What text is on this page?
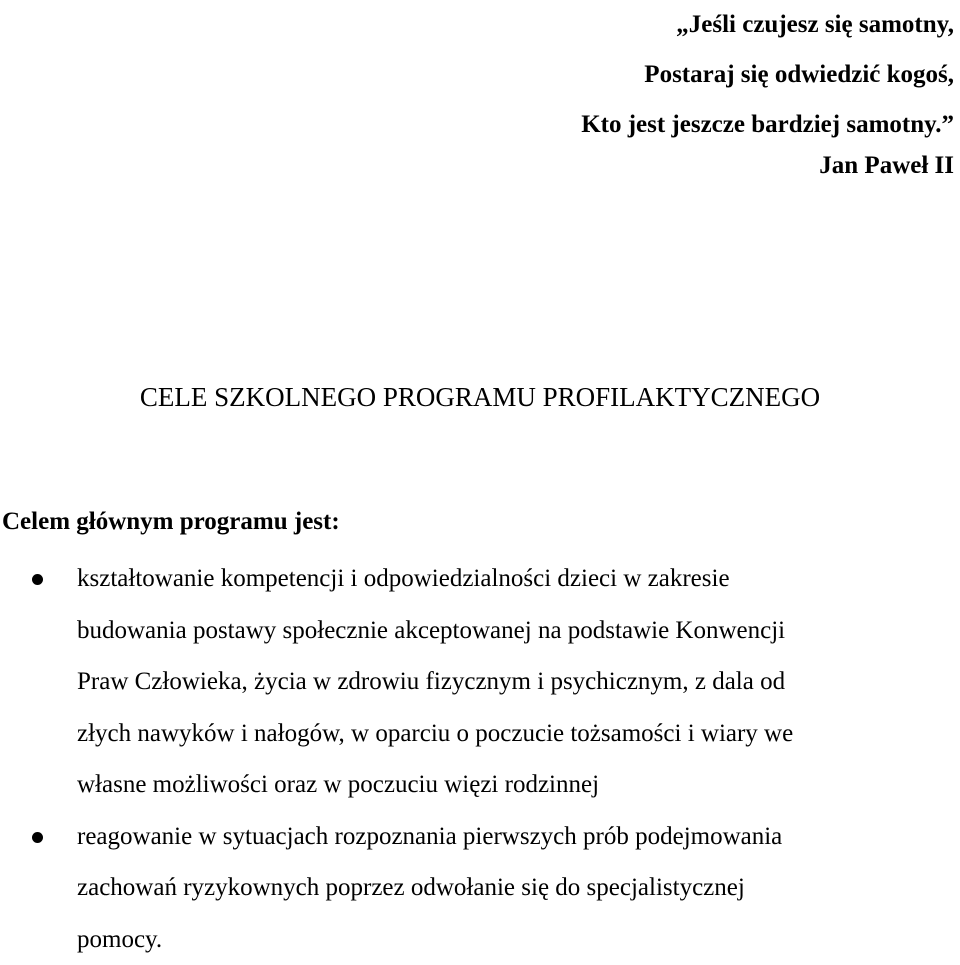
„Jeśli czujesz się samotny,
Postaraj się odwiedzić kogoś,
Kto jest jeszcze bardziej samotny.”
Jan Paweł II
CELE SZKOLNEGO PROGRAMU PROFILAKTYCZNEGO
Celem głównym programu jest:
kształtowanie kompetencji i odpowiedzialności dzieci w zakresie
budowania postawy społecznie akceptowanej na podstawie Konwencji
Praw Człowieka, życia w zdrowiu fizycznym i psychicznym, z dala od
złych nawyków i nałogów, w oparciu o poczucie tożsamości i wiary we
własne możliwości oraz w poczuciu więzi rodzinnej
reagowanie w sytuacjach rozpoznania pierwszych prób podejmowania
zachowań ryzykownych poprzez odwołanie się do specjalistycznej
pomocy.
